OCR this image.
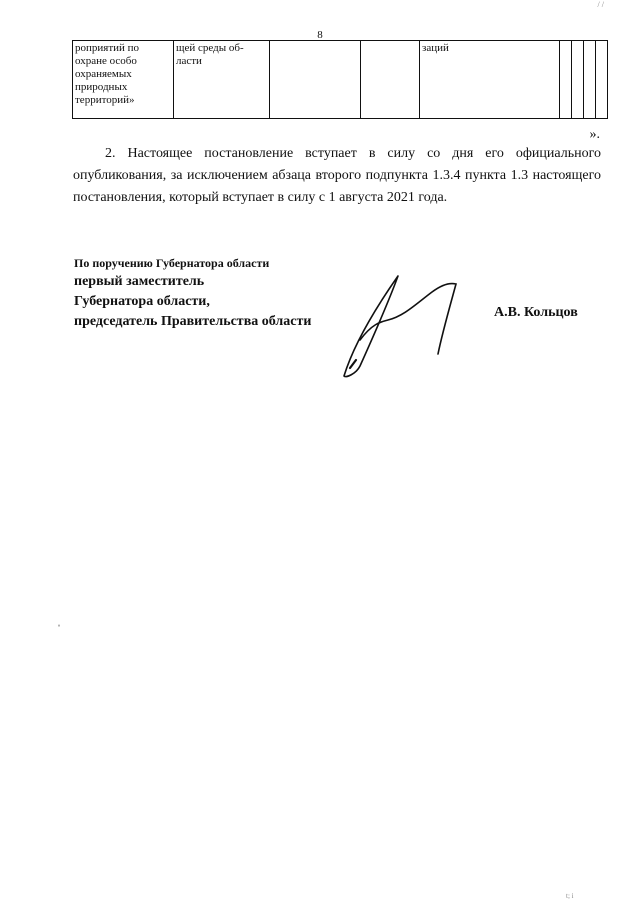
/ /
8
роприятий по охране особо охраняемых природных территорий»	щей среды об-ласти			заций				
».

2. Настоящее постановление вступает в силу со дня его официального опубликования, за исключением абзаца второго подпункта 1.3.4 пункта 1.3 настоящего постановления, который вступает в силу с 1 августа 2021 года.

По поручению Губернатора области
первый заместитель
Губернатора области,
председатель Правительства области
А.В. Кольцов
ˌ
t; i
